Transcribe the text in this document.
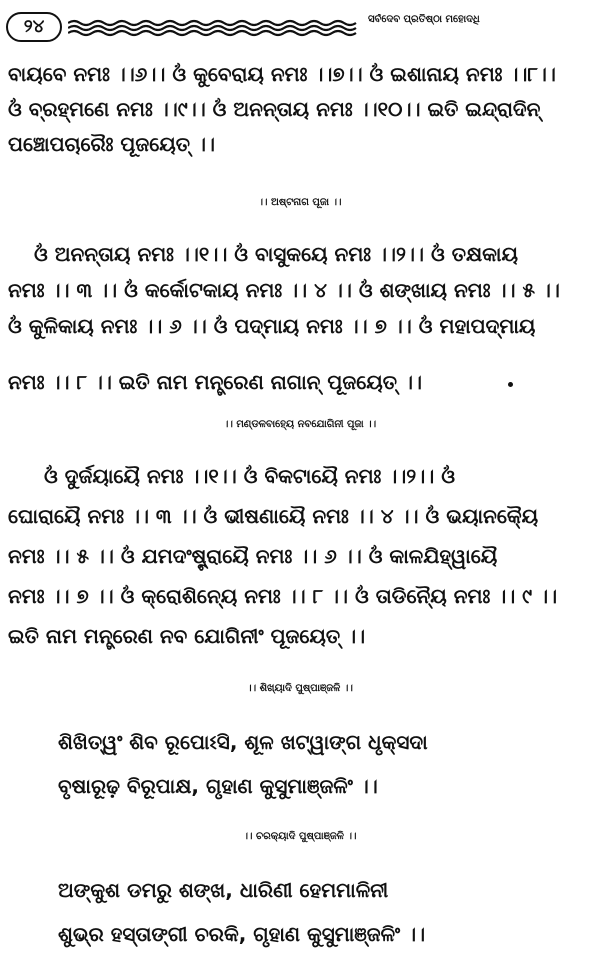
୨୪	ସର୍ବଦେବ ପ୍ରତିଷ୍ଠା ମହୋଦଧି
ବାୟବେ ନମଃ ।।୬।। ଓଁ କୁବେରାୟ ନମଃ ।।୭।। ଓଁ ଇଶାନାୟ ନମଃ ।।୮।।
ଓଁ ବ୍ରହ୍ମଣେ ନମଃ ।।୯।। ଓଁ ଅନନ୍ତାୟ ନମଃ ।।୧୦।। ଇତି ଇନ୍ଦ୍ରାଦିନ୍
ପଞ୍ଚୋପଚାରୈଃ ପୂଜୟେତ୍ ।।
।। ଅଷ୍ଟନାଗ ପୂଜା ।।
ଓଁ ଅନନ୍ତାୟ ନମଃ ।।୧।। ଓଁ ବାସୁକୟେ ନମଃ ।।୨।। ଓଁ ତକ୍ଷକାୟ
ନମଃ ।। ୩ ।। ଓଁ କର୍କୋଟକାୟ ନମଃ ।। ୪ ।। ଓଁ ଶଙ୍ଖାୟ ନମଃ ।। ୫ ।।
ଓଁ କୁଳିକାୟ ନମଃ ।। ୬ ।। ଓଁ ପଦ୍ମାୟ ନମଃ ।। ୭ ।। ଓଁ ମହାପଦ୍ମାୟ
ନମଃ ।। ୮ ।। ଇତି ନାମ ମନ୍ତ୍ରେଣ ନାଗାନ୍ ପୂଜୟେତ୍ ।।
।। ମଣ୍ଡଳବାହ୍ୟେ ନବଯୋଗିନୀ ପୂଜା ।।
ଓଁ ଦୁର୍ଜୟାୟୈ ନମଃ ।।୧।। ଓଁ ବିକଟାୟୈ ନମଃ ।।୨।। ଓଁ
ଘୋରାୟୈ ନମଃ ।। ୩ ।। ଓଁ ଭୀଷଣାୟୈ ନମଃ ।। ୪ ।। ଓଁ ଭୟାନକ୍ୟୈ
ନମଃ ।। ୫ ।। ଓଁ ଯମଦଂଷ୍ଟ୍ରାୟୈ ନମଃ ।। ୬ ।। ଓଁ କାଳଯିହ୍ୱାୟୈ
ନମଃ ।। ୭ ।। ଓଁ କ୍ରୋଶିନ୍ୟେ ନମଃ ।। ୮ ।। ଓଁ ତାଡିନ୍ୟୈ ନମଃ ।। ୯ ।।
ଇତି ନାମ ମନ୍ତ୍ରେଣ ନବ ଯୋଗିନୀଂ ପୂଜୟେତ୍ ।।
।। ଶିଖ୍ୟାଦି ପୁଷ୍ପାଞ୍ଜଳି ।।
ଶିଖିତ୍ୱଂ ଶିବ ରୂପୋଽସି, ଶୂଳ ଖଟ୍ୱାଙ୍ଗ ଧୃକ୍ସଦା
ବୃଷାରୂଢ଼ ବିରୂପାକ୍ଷ, ଗୃହାଣ କୁସୁମାଞ୍ଜଳିଂ ।।
।। ଚରକ୍ୟାଦି ପୁଷ୍ପାଞ୍ଜଳି ।।
ଅଙ୍କୁଶ ଡମରୁ ଶଙ୍ଖ, ଧାରିଣୀ ହେମମାଳିନୀ
ଶୁଭ୍ର ହସ୍ତାଙ୍ଗୀ ଚରକି, ଗୃହାଣ କୁସୁମାଞ୍ଜଳିଂ ।।
